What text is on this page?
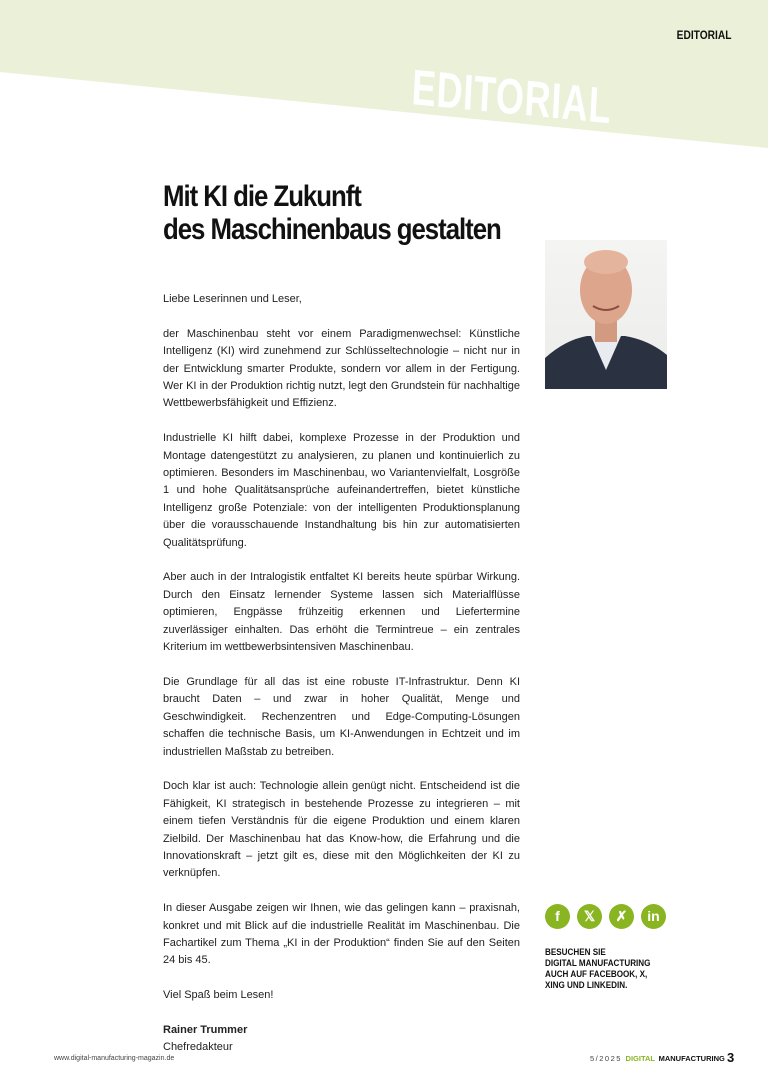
EDITORIAL
EDITORIAL
Mit KI die Zukunft
des Maschinenbaus gestalten

Liebe Leserinnen und Leser,

der Maschinenbau steht vor einem Paradigmenwechsel: Künstliche Intelligenz (KI) wird zunehmend zur Schlüsseltechnologie – nicht nur in der Entwicklung smarter Produkte, sondern vor allem in der Fertigung. Wer KI in der Produktion richtig nutzt, legt den Grundstein für nachhaltige Wettbewerbsfähigkeit und Effizienz.

Industrielle KI hilft dabei, komplexe Prozesse in der Produktion und Montage datengestützt zu analysieren, zu planen und kontinuierlich zu optimieren. Besonders im Maschinenbau, wo Variantenvielfalt, Losgröße 1 und hohe Qualitätsansprüche aufeinandertreffen, bietet künstliche Intelligenz große Potenziale: von der intelligenten Produktionsplanung über die vorausschauende Instandhaltung bis hin zur automatisierten Qualitätsprüfung.

Aber auch in der Intralogistik entfaltet KI bereits heute spürbar Wirkung. Durch den Einsatz lernender Systeme lassen sich Materialflüsse optimieren, Engpässe frühzeitig erkennen und Liefertermine zuverlässiger einhalten. Das erhöht die Termintreue – ein zentrales Kriterium im wettbewerbsintensiven Maschinenbau.

Die Grundlage für all das ist eine robuste IT-Infrastruktur. Denn KI braucht Daten – und zwar in hoher Qualität, Menge und Geschwindigkeit. Rechenzentren und Edge-Computing-Lösungen schaffen die technische Basis, um KI-Anwendungen in Echtzeit und im industriellen Maßstab zu betreiben.

Doch klar ist auch: Technologie allein genügt nicht. Entscheidend ist die Fähigkeit, KI strategisch in bestehende Prozesse zu integrieren – mit einem tiefen Verständnis für die eigene Produktion und einem klaren Zielbild. Der Maschinenbau hat das Know-how, die Erfahrung und die Innovationskraft – jetzt gilt es, diese mit den Möglichkeiten der KI zu verknüpfen.

In dieser Ausgabe zeigen wir Ihnen, wie das gelingen kann – praxisnah, konkret und mit Blick auf die industrielle Realität im Maschinenbau. Die Fachartikel zum Thema „KI in der Produktion“ finden Sie auf den Seiten 24 bis 45.

Viel Spaß beim Lesen!

Rainer Trummer
Chefredakteur
f	𝕏	✗	in
BESUCHEN SIE
DIGITAL MANUFACTURING
AUCH AUF FACEBOOK, X,
XING UND LINKEDIN.
www.digital-manufacturing-magazin.de	5/2025 DIGITAL MANUFACTURING 3
